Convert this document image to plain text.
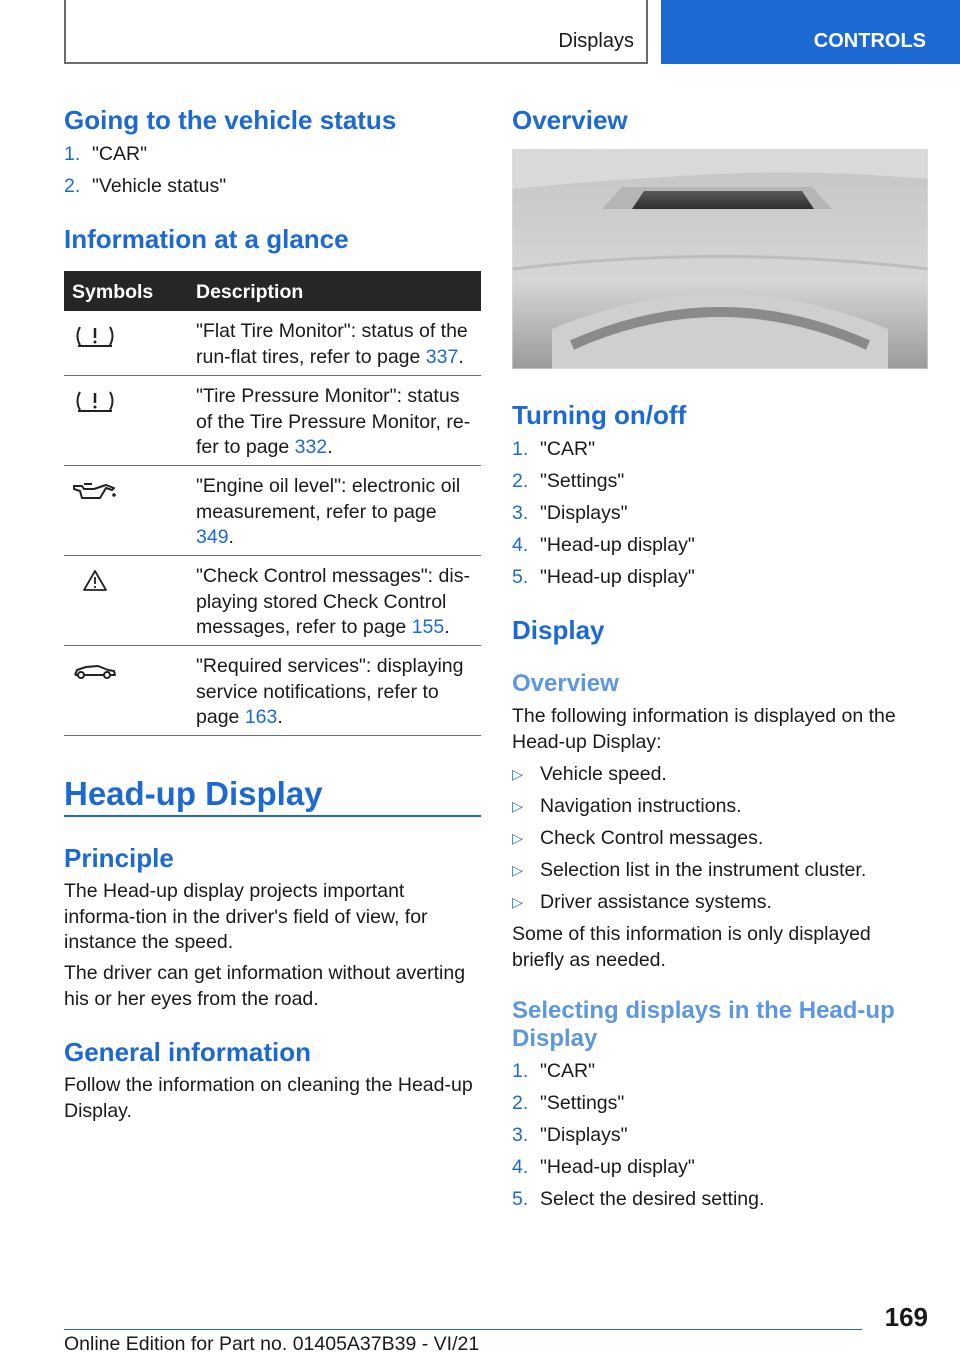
Displays	CONTROLS
Going to the vehicle status
1. "CAR"
2. "Vehicle status"
Information at a glance
Symbols Description
"Flat Tire Monitor": status of the run-flat tires, refer to page 337.
"Tire Pressure Monitor": status of the Tire Pressure Monitor, re-fer to page 332.
"Engine oil level": electronic oil measurement, refer to page 349.
"Check Control messages": dis-playing stored Check Control messages, refer to page 155.
"Required services": displaying service notifications, refer to page 163.
Head-up Display
Principle

The Head-up display projects important informa-tion in the driver's field of view, for instance the speed.

The driver can get information without averting his or her eyes from the road.

General information

Follow the information on cleaning the Head-up Display.

Overview
Turning on/off
1. "CAR"
2. "Settings"
3. "Displays"
4. "Head-up display"
5. "Head-up display"
Display
Overview

The following information is displayed on the Head-up Display:

▷ Vehicle speed.
▷ Navigation instructions.
▷ Check Control messages.
▷ Selection list in the instrument cluster.
▷ Driver assistance systems.

Some of this information is only displayed briefly as needed.

Selecting displays in the Head-up Display
1. "CAR"
2. "Settings"
3. "Displays"
4. "Head-up display"
5. Select the desired setting.
169
Online Edition for Part no. 01405A37B39 - VI/21
